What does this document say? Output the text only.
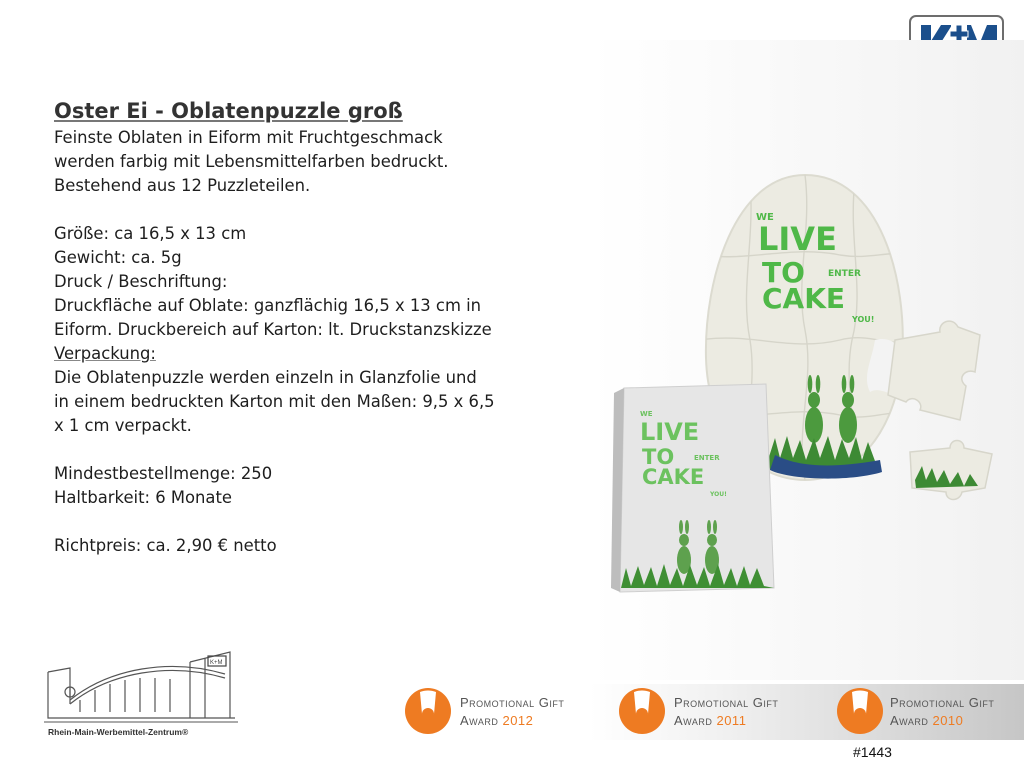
Oster Ei - Oblatenpuzzle groß
Feinste Oblaten in Eiform mit Fruchtgeschmack
werden farbig mit Lebensmittelfarben bedruckt.
Bestehend aus 12 Puzzleteilen.
Größe: ca 16,5 x 13 cm
Gewicht: ca. 5g
Druck / Beschriftung:
Druckfläche auf Oblate: ganzflächig 16,5 x 13 cm in
Eiform. Druckbereich auf Karton: lt. Druckstanzskizze
Verpackung:
Die Oblatenpuzzle werden einzeln in Glanzfolie und
in einem bedruckten Karton mit den Maßen: 9,5 x 6,5
x 1 cm verpackt.
Mindestbestellmenge: 250
Haltbarkeit: 6 Monate
Richtpreis: ca. 2,90 € netto
WE
LIVE
TO	ENTER
CAKE
YOU!
WE
LIVE
TO	ENTER
CAKE
YOU!
K+M
Rhein-Main-Werbemittel-Zentrum®
Promotional Gift
Award 2012
Promotional Gift
Award 2011
Promotional Gift
Award 2010
#1443
